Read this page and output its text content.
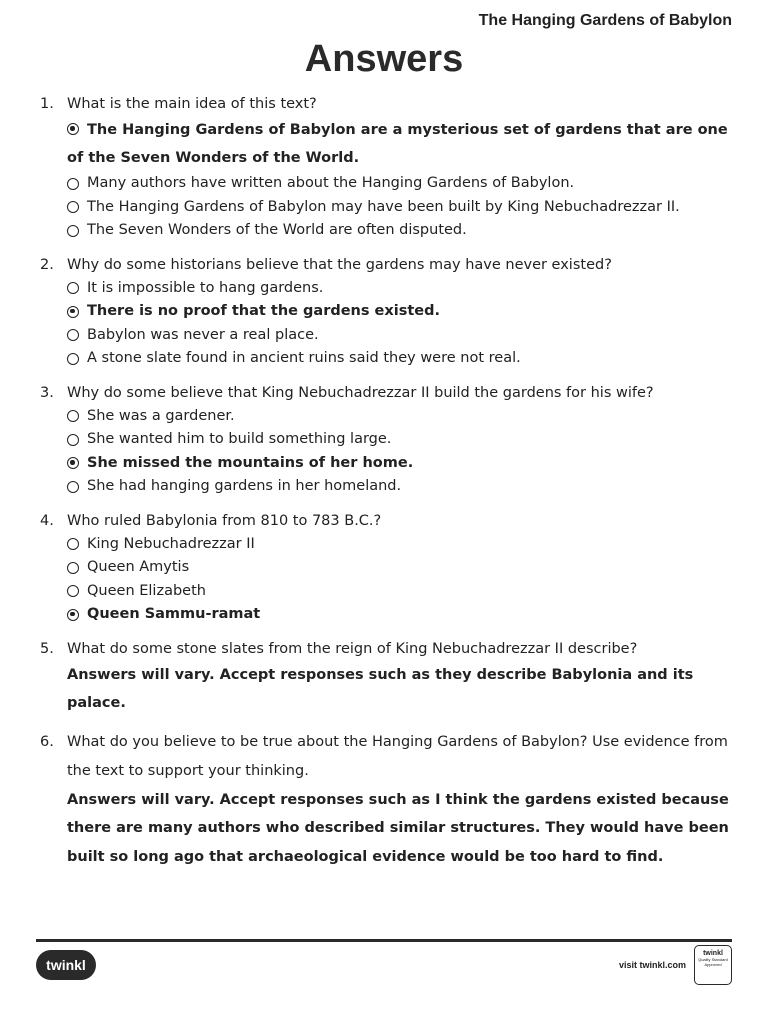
The Hanging Gardens of Babylon
Answers
1. What is the main idea of this text?
The Hanging Gardens of Babylon are a mysterious set of gardens that are one of the Seven Wonders of the World.
Many authors have written about the Hanging Gardens of Babylon.
The Hanging Gardens of Babylon may have been built by King Nebuchadrezzar II.
The Seven Wonders of the World are often disputed.
2. Why do some historians believe that the gardens may have never existed?
It is impossible to hang gardens.
There is no proof that the gardens existed.
Babylon was never a real place.
A stone slate found in ancient ruins said they were not real.
3. Why do some believe that King Nebuchadrezzar II build the gardens for his wife?
She was a gardener.
She wanted him to build something large.
She missed the mountains of her home.
She had hanging gardens in her homeland.
4. Who ruled Babylonia from 810 to 783 B.C.?
King Nebuchadrezzar II
Queen Amytis
Queen Elizabeth
Queen Sammu-ramat
5. What do some stone slates from the reign of King Nebuchadrezzar II describe?
Answers will vary. Accept responses such as they describe Babylonia and its palace.
6. What do you believe to be true about the Hanging Gardens of Babylon? Use evidence from the text to support your thinking.
Answers will vary. Accept responses such as I think the gardens existed because there are many authors who described similar structures. They would have been built so long ago that archaeological evidence would be too hard to find.
twinkl	visit twinkl.com
twinkl
Quality Standard
Approved
